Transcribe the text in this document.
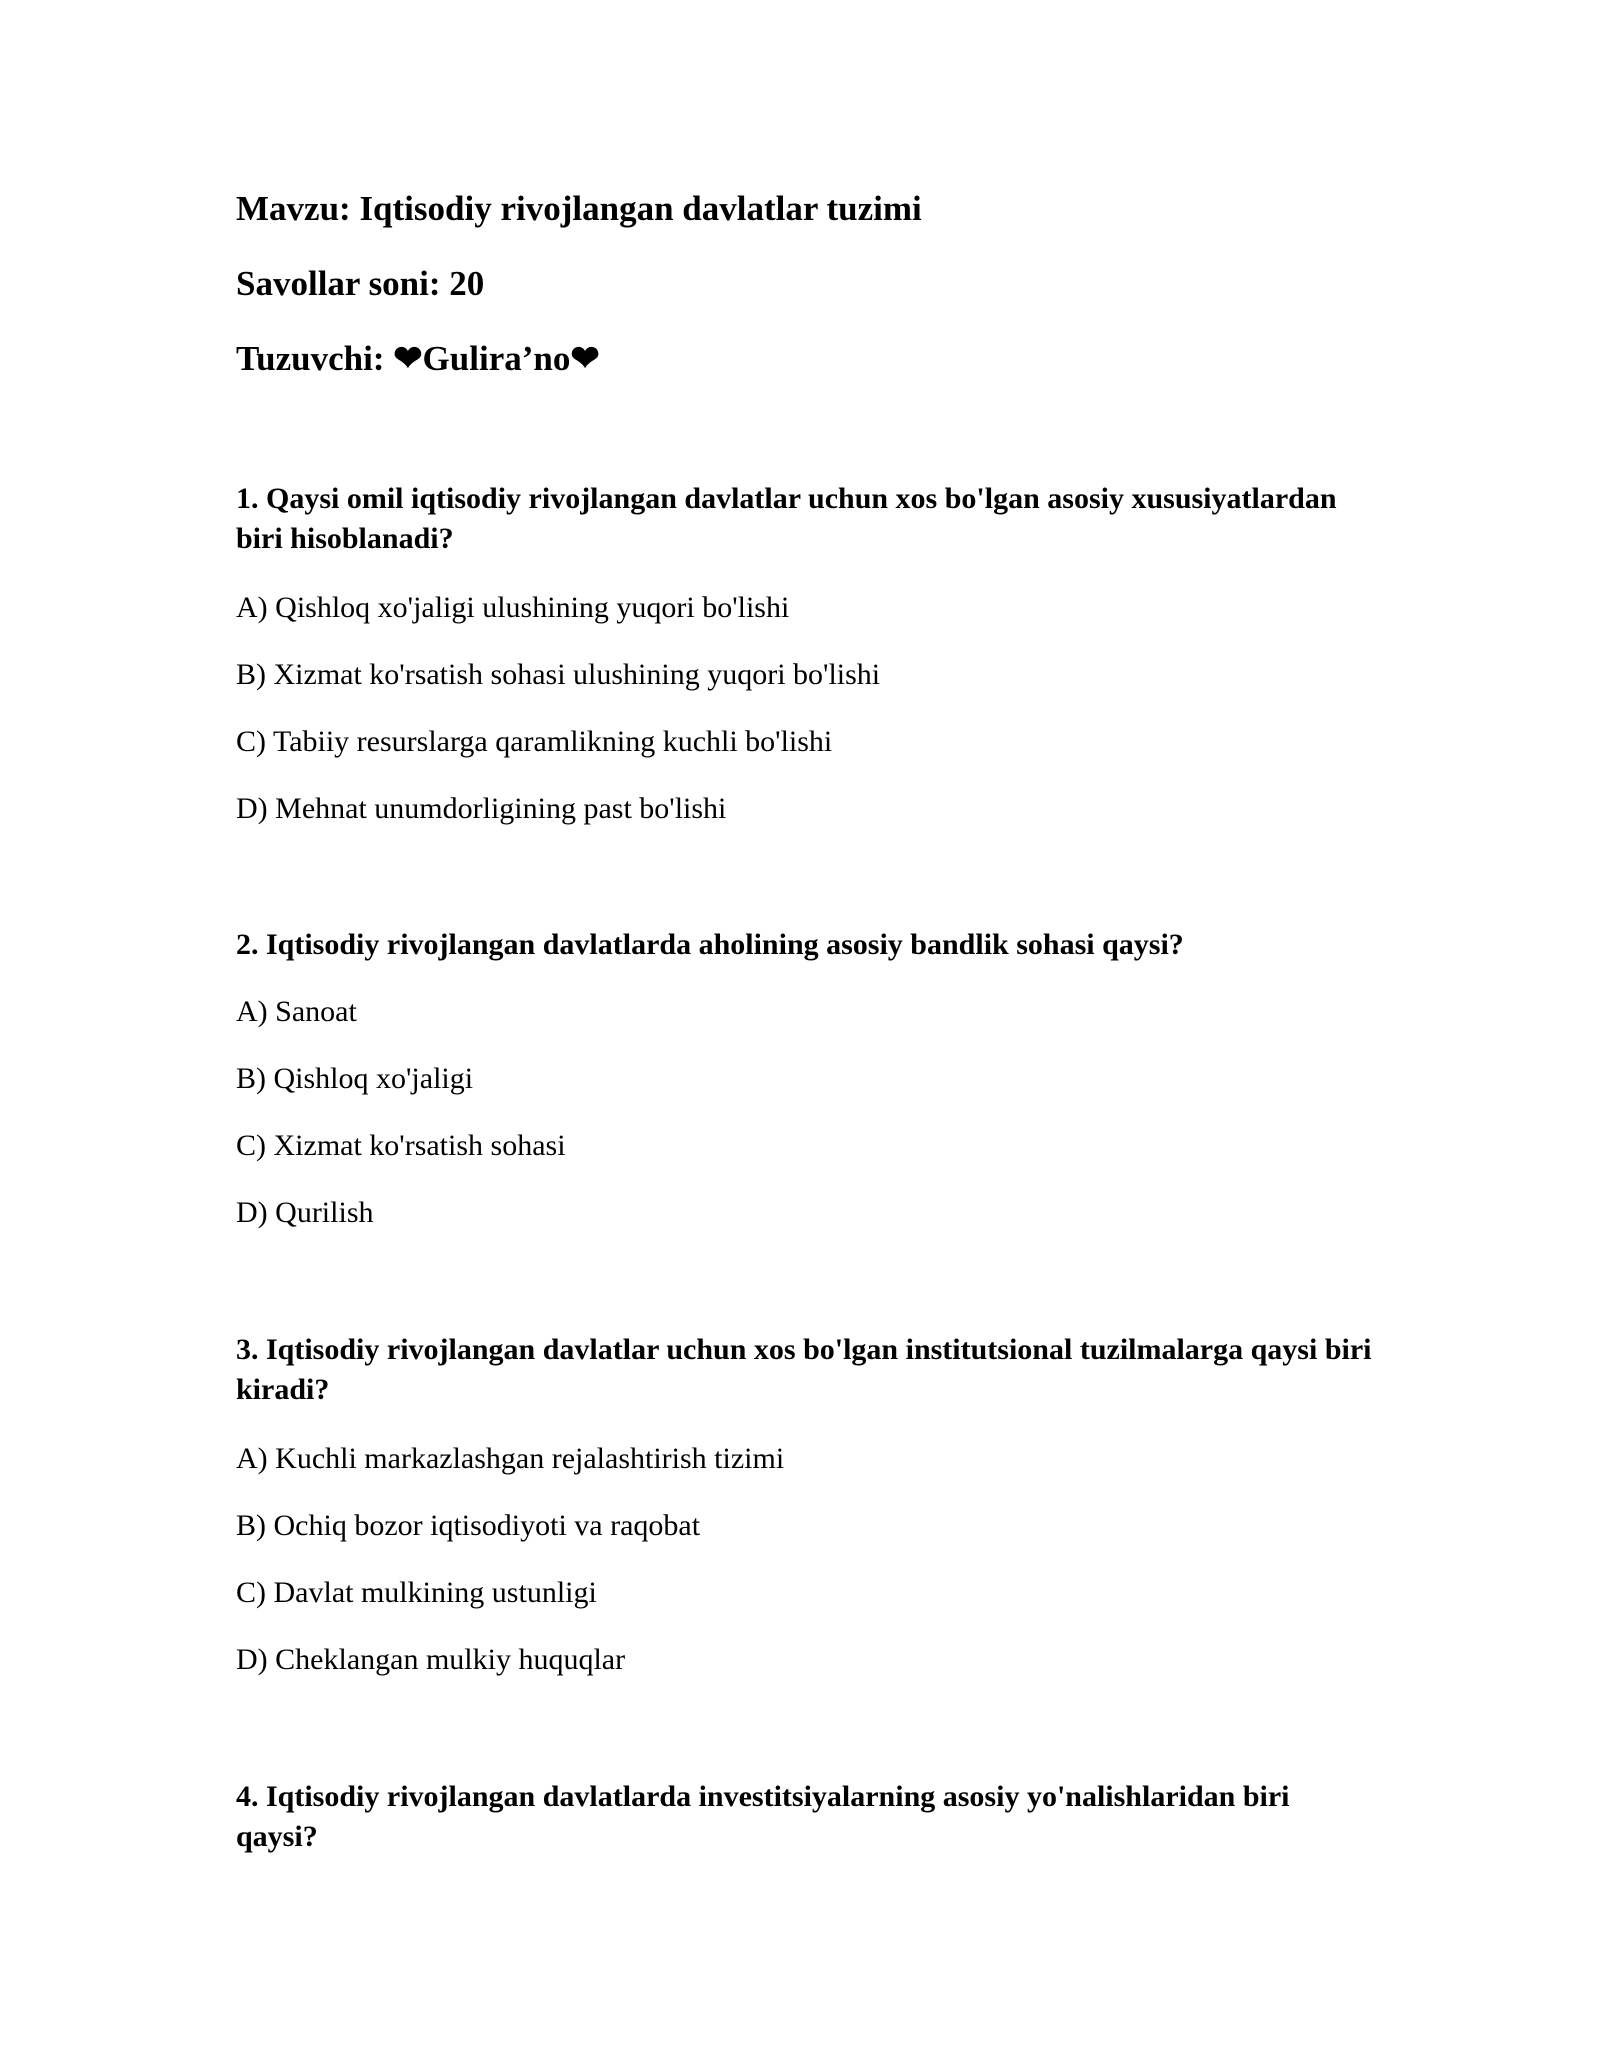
Mavzu: Iqtisodiy rivojlangan davlatlar tuzimi
Savollar soni: 20
Tuzuvchi: ❤Gulira’no❤
1. Qaysi omil iqtisodiy rivojlangan davlatlar uchun xos bo'lgan asosiy xususiyatlardan biri hisoblanadi?
A) Qishloq xo'jaligi ulushining yuqori bo'lishi
B) Xizmat ko'rsatish sohasi ulushining yuqori bo'lishi
C) Tabiiy resurslarga qaramlikning kuchli bo'lishi
D) Mehnat unumdorligining past bo'lishi
2. Iqtisodiy rivojlangan davlatlarda aholining asosiy bandlik sohasi qaysi?
A) Sanoat
B) Qishloq xo'jaligi
C) Xizmat ko'rsatish sohasi
D) Qurilish
3. Iqtisodiy rivojlangan davlatlar uchun xos bo'lgan institutsional tuzilmalarga qaysi biri kiradi?
A) Kuchli markazlashgan rejalashtirish tizimi
B) Ochiq bozor iqtisodiyoti va raqobat
C) Davlat mulkining ustunligi
D) Cheklangan mulkiy huquqlar
4. Iqtisodiy rivojlangan davlatlarda investitsiyalarning asosiy yo'nalishlaridan biri qaysi?
